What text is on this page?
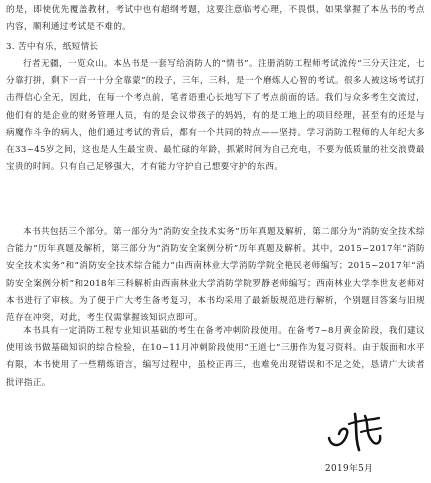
的是，即使优先覆盖教材，考试中也有超纲考题，这要注意临考心理，不畏惧，如果掌握了本丛书的考点内容，顺利通过考试是不难的。

3. 苦中有乐，纸短情长

行者无疆，一览众山。本丛书是一套写给消防人的“情书”。注册消防工程师考试流传“三分天注定，七分靠打拼，剩下一百一十分全靠蒙”的段子，三年，三科，是一个磨炼人心智的考试。很多人被这场考试打击得信心全无，因此，在每一个考点前，笔者语重心长地写下了考点前面的话。我们与众多考生交流过，他们有的是企业的财务管理人员，有的是会议带孩子的妈妈，有的是工地上的项目经理，甚至有的还是与病魔作斗争的病人，他们通过考试的背后，都有一个共同的特点——坚持。学习消防工程师的人年纪大多在33~45岁之间，这也是人生最宝贵、最忙碌的年龄，抓紧时间为自己充电，不要为低质量的社交浪费最宝贵的时间。只有自己足够强大，才有能力守护自己想要守护的东西。

本书共包括三个部分。第一部分为“消防安全技术实务”历年真题及解析，第二部分为“消防安全技术综合能力”历年真题及解析，第三部分为“消防安全案例分析”历年真题及解析。其中，2015~2017年“消防安全技术实务”和“消防安全技术综合能力”由西南林业大学消防学院全艳民老师编写；2015~2017年“消防安全案例分析”和2018年三科解析由西南林业大学消防学院罗静老师编写；西南林业大学李世友老师对本书进行了审核。为了便于广大考生备考复习，本书均采用了最新版规范进行解析，个别题目答案与旧规范存在冲突，对此，考生仅需掌握该知识点即可。

本书具有一定消防工程专业知识基础的考生在备考冲刺阶段使用。在备考7~8月黄金阶段，我们建议使用该书做基础知识的综合检验，在10~11月冲刺阶段使用“王道七”三册作为复习资料。由于版面和水平有限，本书使用了一些精炼语言，编写过程中，虽校正再三，也难免出现错误和不足之处，恳请广大读者批评指正。

2019年5月
